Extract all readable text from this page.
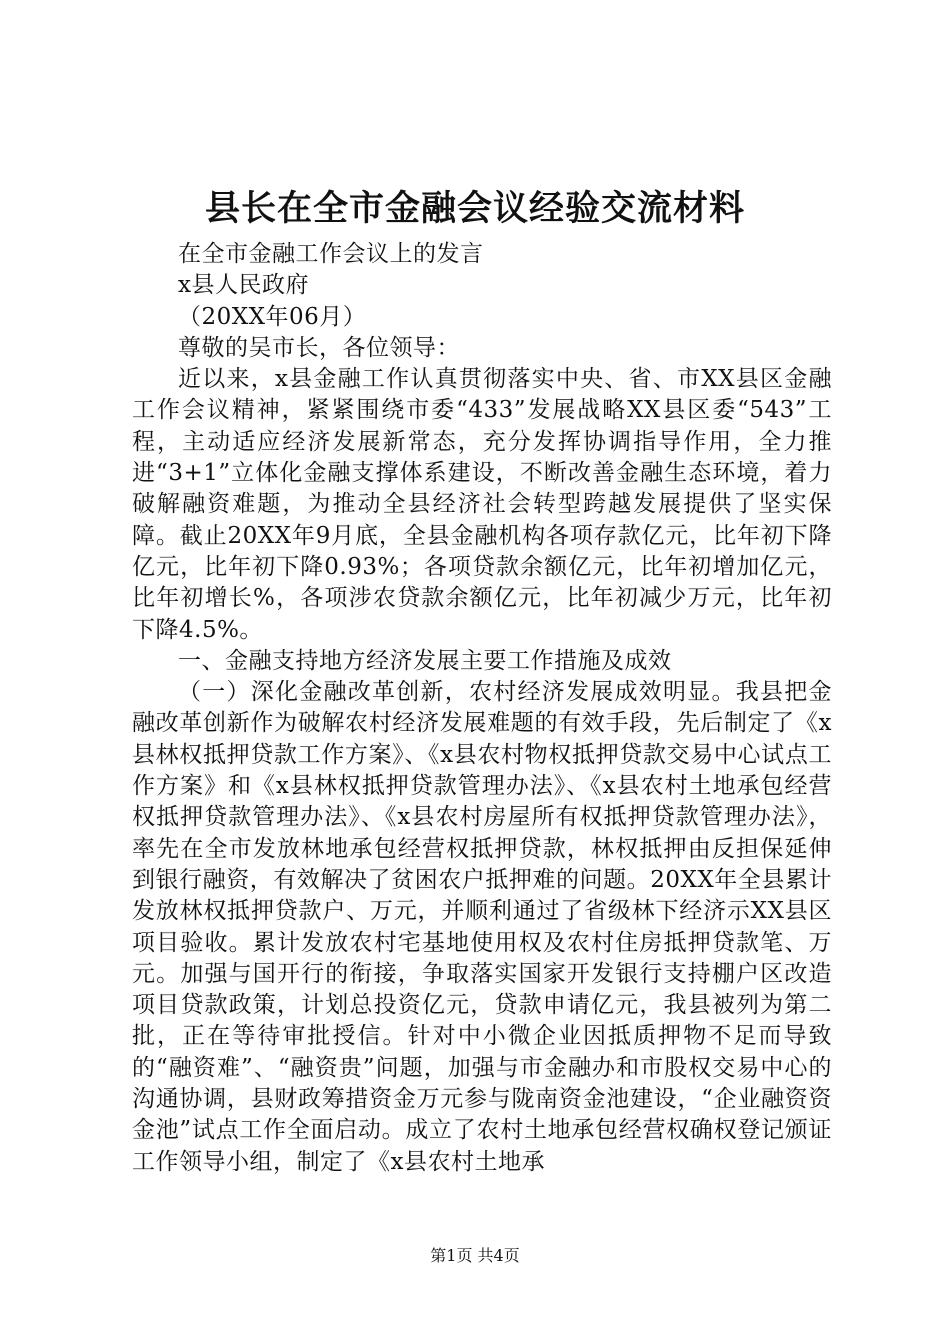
县长在全市金融会议经验交流材料

在全市金融工作会议上的发言

x县人民政府

（20XX年06月）

尊敬的吴市长，各位领导：

近以来，x县金融工作认真贯彻落实中央、省、市XX县区金融工作会议精神，紧紧围绕市委“433”发展战略XX县区委“543”工程，主动适应经济发展新常态，充分发挥协调指导作用，全力推进“3+1”立体化金融支撑体系建设，不断改善金融生态环境，着力破解融资难题，为推动全县经济社会转型跨越发展提供了坚实保障。截止20XX年9月底，全县金融机构各项存款亿元，比年初下降亿元，比年初下降0.93%；各项贷款余额亿元，比年初增加亿元，比年初增长%，各项涉农贷款余额亿元，比年初减少万元，比年初下降4.5%。

一、金融支持地方经济发展主要工作措施及成效

（一）深化金融改革创新，农村经济发展成效明显。我县把金融改革创新作为破解农村经济发展难题的有效手段，先后制定了《x县林权抵押贷款工作方案》、《x县农村物权抵押贷款交易中心试点工作方案》和《x县林权抵押贷款管理办法》、《x县农村土地承包经营权抵押贷款管理办法》、《x县农村房屋所有权抵押贷款管理办法》，率先在全市发放林地承包经营权抵押贷款，林权抵押由反担保延伸到银行融资，有效解决了贫困农户抵押难的问题。20XX年全县累计发放林权抵押贷款户、万元，并顺利通过了省级林下经济示XX县区项目验收。累计发放农村宅基地使用权及农村住房抵押贷款笔、万元。加强与国开行的衔接，争取落实国家开发银行支持棚户区改造项目贷款政策，计划总投资亿元，贷款申请亿元，我县被列为第二批，正在等待审批授信。针对中小微企业因抵质押物不足而导致的“融资难”、“融资贵”问题，加强与市金融办和市股权交易中心的沟通协调，县财政筹措资金万元参与陇南资金池建设，“企业融资资金池”试点工作全面启动。成立了农村土地承包经营权确权登记颁证工作领导小组，制定了《x县农村土地承

第1页 共4页
